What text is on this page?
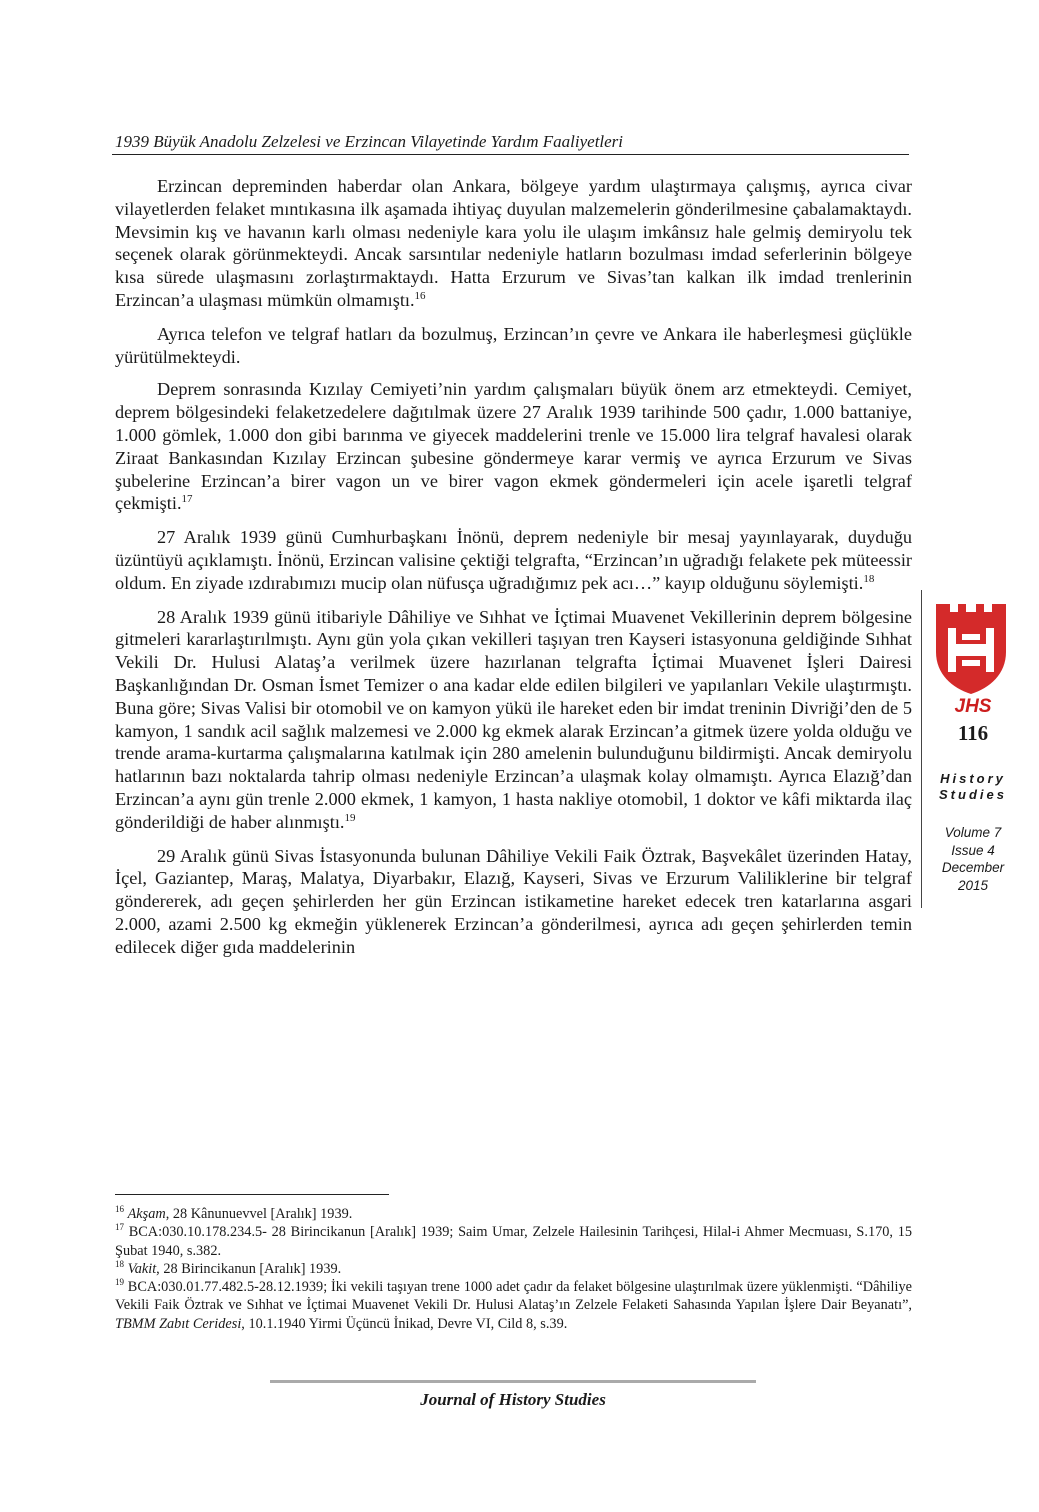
1939 Büyük Anadolu Zelzelesi ve Erzincan Vilayetinde Yardım Faaliyetleri

Erzincan depreminden haberdar olan Ankara, bölgeye yardım ulaştırmaya çalışmış, ayrıca civar vilayetlerden felaket mıntıkasına ilk aşamada ihtiyaç duyulan malzemelerin gönderilmesine çabalamaktaydı. Mevsimin kış ve havanın karlı olması nedeniyle kara yolu ile ulaşım imkânsız hale gelmiş demiryolu tek seçenek olarak görünmekteydi. Ancak sarsıntılar nedeniyle hatların bozulması imdad seferlerinin bölgeye kısa sürede ulaşmasını zorlaştırmaktaydı. Hatta Erzurum ve Sivas’tan kalkan ilk imdad trenlerinin Erzincan’a ulaşması mümkün olmamıştı.$^{16}$

Ayrıca telefon ve telgraf hatları da bozulmuş, Erzincan’ın çevre ve Ankara ile haberleşmesi güçlükle yürütülmekteydi.

Deprem sonrasında Kızılay Cemiyeti’nin yardım çalışmaları büyük önem arz etmekteydi. Cemiyet, deprem bölgesindeki felaketzedelere dağıtılmak üzere 27 Aralık 1939 tarihinde 500 çadır, 1.000 battaniye, 1.000 gömlek, 1.000 don gibi barınma ve giyecek maddelerini trenle ve 15.000 lira telgraf havalesi olarak Ziraat Bankasından Kızılay Erzincan şubesine göndermeye karar vermiş ve ayrıca Erzurum ve Sivas şubelerine Erzincan’a birer vagon un ve birer vagon ekmek göndermeleri için acele işaretli telgraf çekmişti.$^{17}$

27 Aralık 1939 günü Cumhurbaşkanı İnönü, deprem nedeniyle bir mesaj yayınlayarak, duyduğu üzüntüyü açıklamıştı. İnönü, Erzincan valisine çektiği telgrafta, “Erzincan’ın uğradığı felakete pek müteessir oldum. En ziyade ızdırabımızı mucip olan nüfusça uğradığımız pek acı…” kayıp olduğunu söylemişti.$^{18}$

28 Aralık 1939 günü itibariyle Dâhiliye ve Sıhhat ve İçtimai Muavenet Vekillerinin deprem bölgesine gitmeleri kararlaştırılmıştı. Aynı gün yola çıkan vekilleri taşıyan tren Kayseri istasyonuna geldiğinde Sıhhat Vekili Dr. Hulusi Alataş’a verilmek üzere hazırlanan telgrafta İçtimai Muavenet İşleri Dairesi Başkanlığından Dr. Osman İsmet Temizer o ana kadar elde edilen bilgileri ve yapılanları Vekile ulaştırmıştı. Buna göre; Sivas Valisi bir otomobil ve on kamyon yükü ile hareket eden bir imdat treninin Divriği’den de 5 kamyon, 1 sandık acil sağlık malzemesi ve 2.000 kg ekmek alarak Erzincan’a gitmek üzere yolda olduğu ve trende arama-kurtarma çalışmalarına katılmak için 280 amelenin bulunduğunu bildirmişti. Ancak demiryolu hatlarının bazı noktalarda tahrip olması nedeniyle Erzincan’a ulaşmak kolay olmamıştı. Ayrıca Elazığ’dan Erzincan’a aynı gün trenle 2.000 ekmek, 1 kamyon, 1 hasta nakliye otomobil, 1 doktor ve kâfi miktarda ilaç gönderildiği de haber alınmıştı.$^{19}$

29 Aralık günü Sivas İstasyonunda bulunan Dâhiliye Vekili Faik Öztrak, Başvekâlet üzerinden Hatay, İçel, Gaziantep, Maraş, Malatya, Diyarbakır, Elazığ, Kayseri, Sivas ve Erzurum Valiliklerine bir telgraf göndererek, adı geçen şehirlerden her gün Erzincan istikametine hareket edecek tren katarlarına asgari 2.000, azami 2.500 kg ekmeğin yüklenerek Erzincan’a gönderilmesi, ayrıca adı geçen şehirlerden temin edilecek diğer gıda maddelerinin

JHS
116
History
Studies
Volume 7
Issue 4
December
2015

$^{16}$ Akşam, 28 Kânunuevvel [Aralık] 1939.

$^{17}$ BCA:030.10.178.234.5- 28 Birincikanun [Aralık] 1939; Saim Umar, Zelzele Hailesinin Tarihçesi, Hilal-i Ahmer Mecmuası, S.170, 15 Şubat 1940, s.382.

$^{18}$ Vakit, 28 Birincikanun [Aralık] 1939.

$^{19}$ BCA:030.01.77.482.5-28.12.1939; İki vekili taşıyan trene 1000 adet çadır da felaket bölgesine ulaştırılmak üzere yüklenmişti. “Dâhiliye Vekili Faik Öztrak ve Sıhhat ve İçtimai Muavenet Vekili Dr. Hulusi Alataş’ın Zelzele Felaketi Sahasında Yapılan İşlere Dair Beyanatı”, TBMM Zabıt Ceridesi, 10.1.1940 Yirmi Üçüncü İnikad, Devre VI, Cild 8, s.39.

Journal of History Studies
